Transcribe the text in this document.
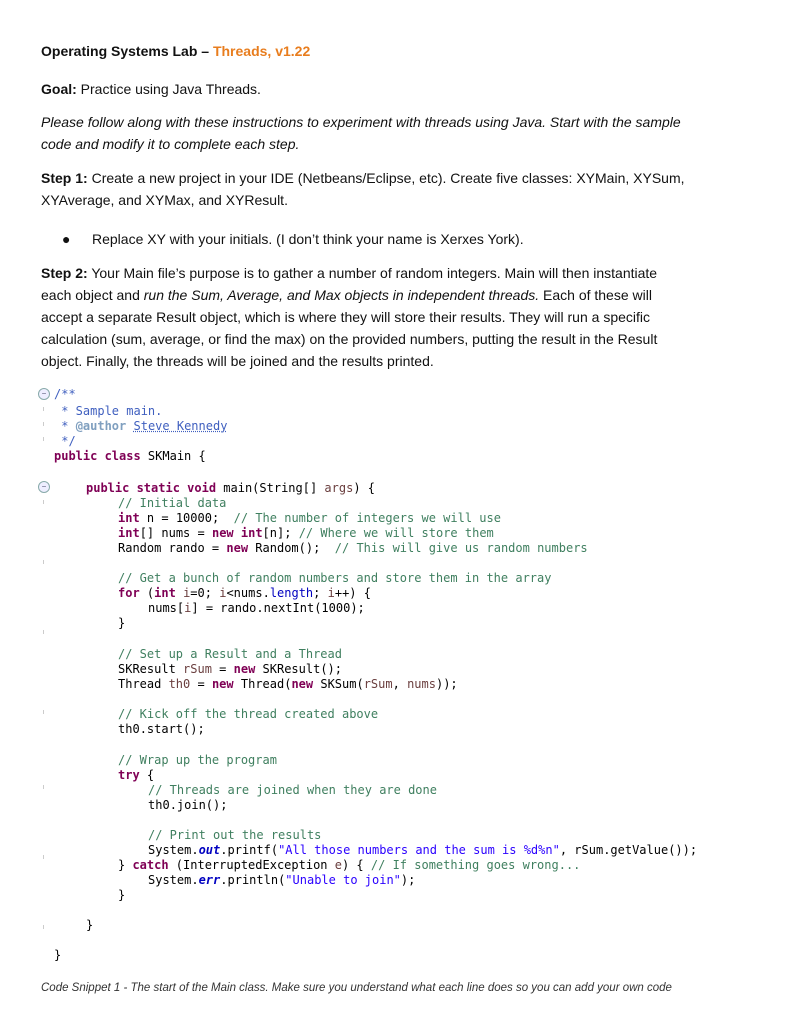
Operating Systems Lab – Threads, v1.22
Goal: Practice using Java Threads.
Please follow along with these instructions to experiment with threads using Java. Start with the sample
code and modify it to complete each step.
Step 1: Create a new project in your IDE (Netbeans/Eclipse, etc). Create five classes: XYMain, XYSum,
XYAverage, and XYMax, and XYResult.
● Replace XY with your initials. (I don’t think your name is Xerxes York).
Step 2: Your Main file’s purpose is to gather a number of random integers. Main will then instantiate
each object and run the Sum, Average, and Max objects in independent threads. Each of these will
accept a separate Result object, which is where they will store their results. They will run a specific
calculation (sum, average, or find the max) on the provided numbers, putting the result in the Result
object. Finally, the threads will be joined and the results printed.
−
−
/**
* Sample main.
* @author Steve Kennedy
*/
public class SKMain {
public static void main(String[] args) {
// Initial data
int n = 10000;  // The number of integers we will use
int[] nums = new int[n]; // Where we will store them
Random rando = new Random();  // This will give us random numbers
// Get a bunch of random numbers and store them in the array
for (int i=0; i<nums.length; i++) {
nums[i] = rando.nextInt(1000);
}
// Set up a Result and a Thread
SKResult rSum = new SKResult();
Thread th0 = new Thread(new SKSum(rSum, nums));
// Kick off the thread created above
th0.start();
// Wrap up the program
try {
// Threads are joined when they are done
th0.join();
// Print out the results
System.out.printf("All those numbers and the sum is %d%n", rSum.getValue());
} catch (InterruptedException e) { // If something goes wrong...
System.err.println("Unable to join");
}
}
}
Code Snippet 1 - The start of the Main class. Make sure you understand what each line does so you can add your own code
